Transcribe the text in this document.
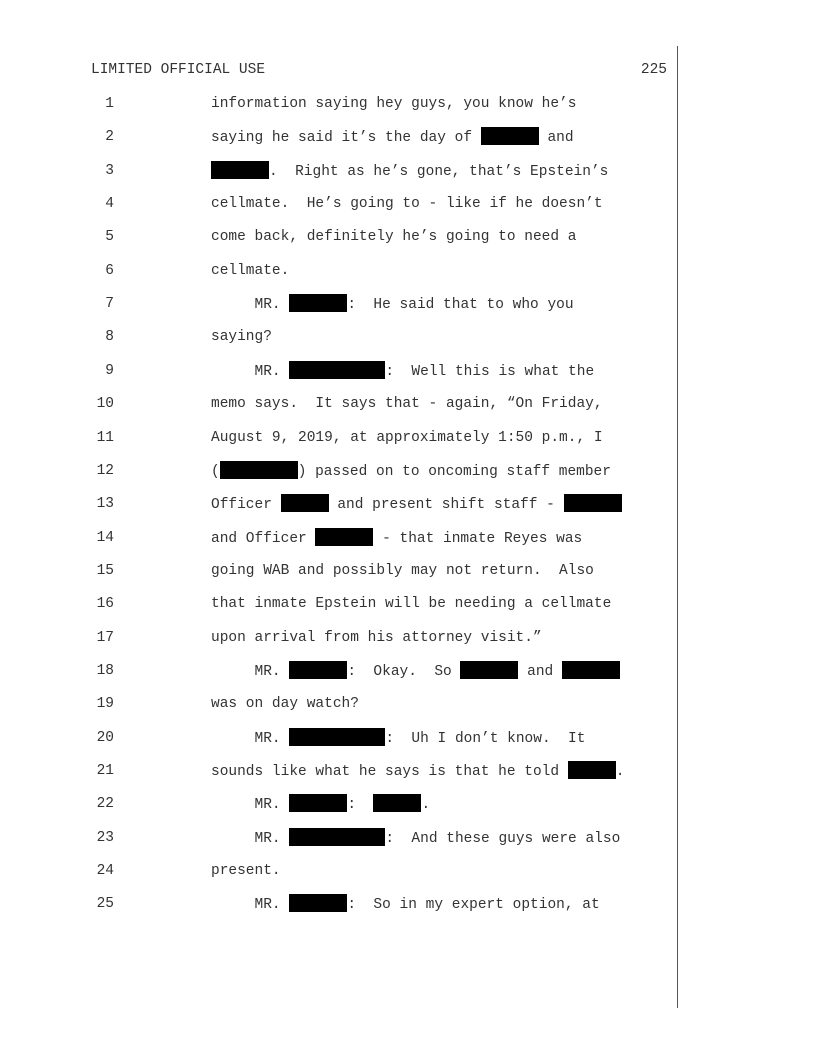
LIMITED OFFICIAL USE	225
1	information saying hey guys, you know he’s
2	saying he said it’s the day of	and
3	.  Right as he’s gone, that’s Epstein’s
4	cellmate.  He’s going to - like if he doesn’t
5	come back, definitely he’s going to need a
6	cellmate.
7	MR.	:  He said that to who you
8	saying?
9	MR.	:  Well this is what the
10	memo says.  It says that - again, “On Friday,
11	August 9, 2019, at approximately 1:50 p.m., I
12	(	) passed on to oncoming staff member
13	Officer	and present shift staff -
14	and Officer	- that inmate Reyes was
15	going WAB and possibly may not return.  Also
16	that inmate Epstein will be needing a cellmate
17	upon arrival from his attorney visit.”
18	MR.	:  Okay.  So	and
19	was on day watch?
20	MR.	:  Uh I don’t know.  It
21	sounds like what he says is that he told	.
22	MR.	:	.
23	MR.	:  And these guys were also
24	present.
25	MR.	:  So in my expert option, at
